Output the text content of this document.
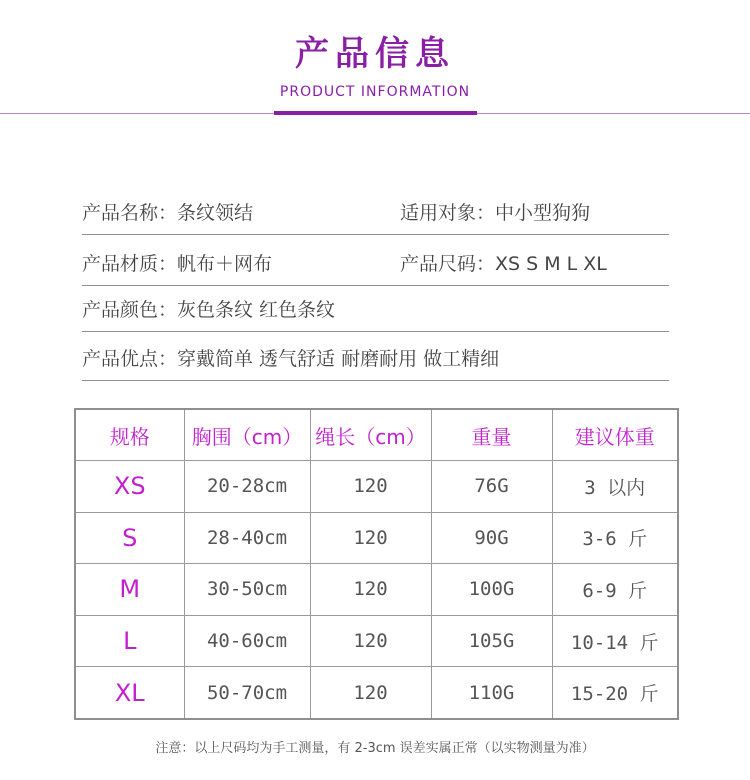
产品信息
PRODUCT INFORMATION
产品名称：条纹领结	适用对象：中小型狗狗
产品材质：帆布＋网布	产品尺码：XS S M L XL
产品颜色：灰色条纹 红色条纹
产品优点：穿戴简单 透气舒适 耐磨耐用 做工精细
规格	胸围（cm）	绳长（cm）	重量	建议体重
XS	20-28cm	120	76G	3 以内
S	28-40cm	120	90G	3-6 斤
M	30-50cm	120	100G	6-9 斤
L	40-60cm	120	105G	10-14 斤
XL	50-70cm	120	110G	15-20 斤
注意：以上尺码均为手工测量，有 2-3cm 误差实属正常（以实物测量为准）
